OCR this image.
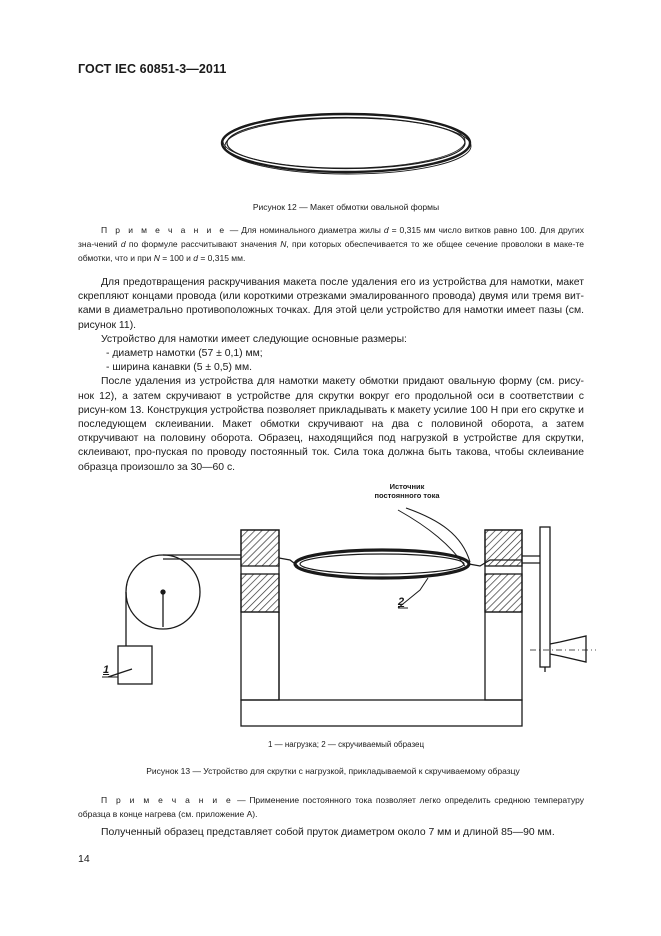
ГОСТ IEC 60851-3—2011
Рисунок 12 — Макет обмотки овальной формы
П р и м е ч а н и е — Для номинального диаметра жилы d = 0,315 мм число витков равно 100. Для других зна-чений d по формуле рассчитывают значения N, при которых обеспечивается то же общее сечение проволоки в маке-те обмотки, что и при N = 100 и d = 0,315 мм.

Для предотвращения раскручивания макета после удаления его из устройства для намотки, макет скрепляют концами провода (или короткими отрезками эмалированного провода) двумя или тремя вит-ками в диаметрально противоположных точках. Для этой цели устройство для намотки имеет пазы (см. рисунок 11).

Устройство для намотки имеет следующие основные размеры:

- диаметр намотки (57 ± 0,1) мм;

- ширина канавки (5 ± 0,5) мм.

После удаления из устройства для намотки макету обмотки придают овальную форму (см. рису-нок 12), а затем скручивают в устройстве для скрутки вокруг его продольной оси в соответствии с рисун-ком 13. Конструкция устройства позволяет прикладывать к макету усилие 100 Н при его скрутке и последующем склеивании. Макет обмотки скручивают на два с половиной оборота, а затем откручивают на половину оборота. Образец, находящийся под нагрузкой в устройстве для скрутки, склеивают, про-пуская по проводу постоянный ток. Сила тока должна быть такова, чтобы склеивание образца произошло за 30—60 с.

Источник
постоянного тока
2
1
1 — нагрузка; 2 — скручиваемый образец
Рисунок 13 — Устройство для скрутки с нагрузкой, прикладываемой к скручиваемому образцу
П р и м е ч а н и е — Применение постоянного тока позволяет легко определить среднюю температуру образца в конце нагрева (см. приложение А).

Полученный образец представляет собой пруток диаметром около 7 мм и длиной 85—90 мм.

14
